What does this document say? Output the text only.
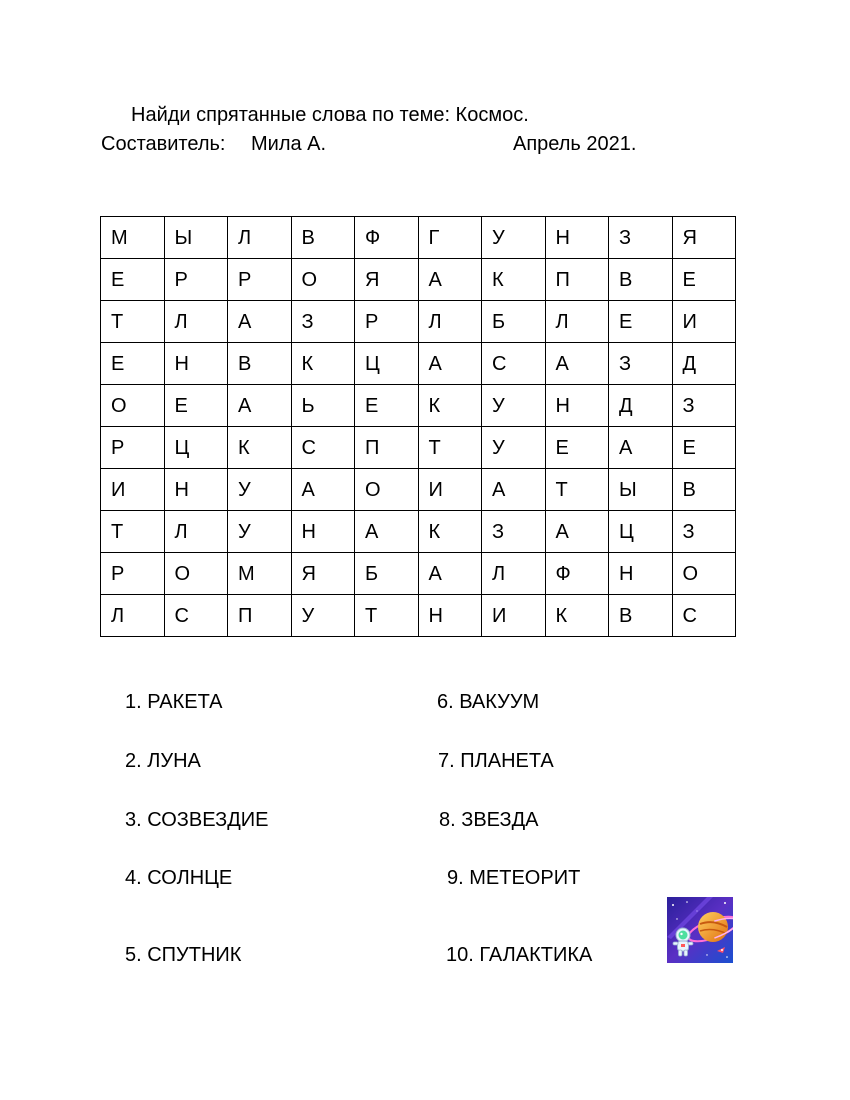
Найди спрятанные слова по теме: Космос.
Составитель: Мила А.	Апрель 2021.
М	Ы	Л	В	Ф	Г	У	Н	З	Я
Е	Р	Р	О	Я	А	К	П	В	Е
Т	Л	А	З	Р	Л	Б	Л	Е	И
Е	Н	В	К	Ц	А	С	А	З	Д
О	Е	А	Ь	Е	К	У	Н	Д	З
Р	Ц	К	С	П	Т	У	Е	А	Е
И	Н	У	А	О	И	А	Т	Ы	В
Т	Л	У	Н	А	К	З	А	Ц	З
Р	О	М	Я	Б	А	Л	Ф	Н	О
Л	С	П	У	Т	Н	И	К	В	С
1. РАКЕТА
2. ЛУНА
3. СОЗВЕЗДИЕ
4. СОЛНЦЕ
5. СПУТНИК
6. ВАКУУМ
7. ПЛАНЕТА
8. ЗВЕЗДА
9. МЕТЕОРИТ
10. ГАЛАКТИКА
